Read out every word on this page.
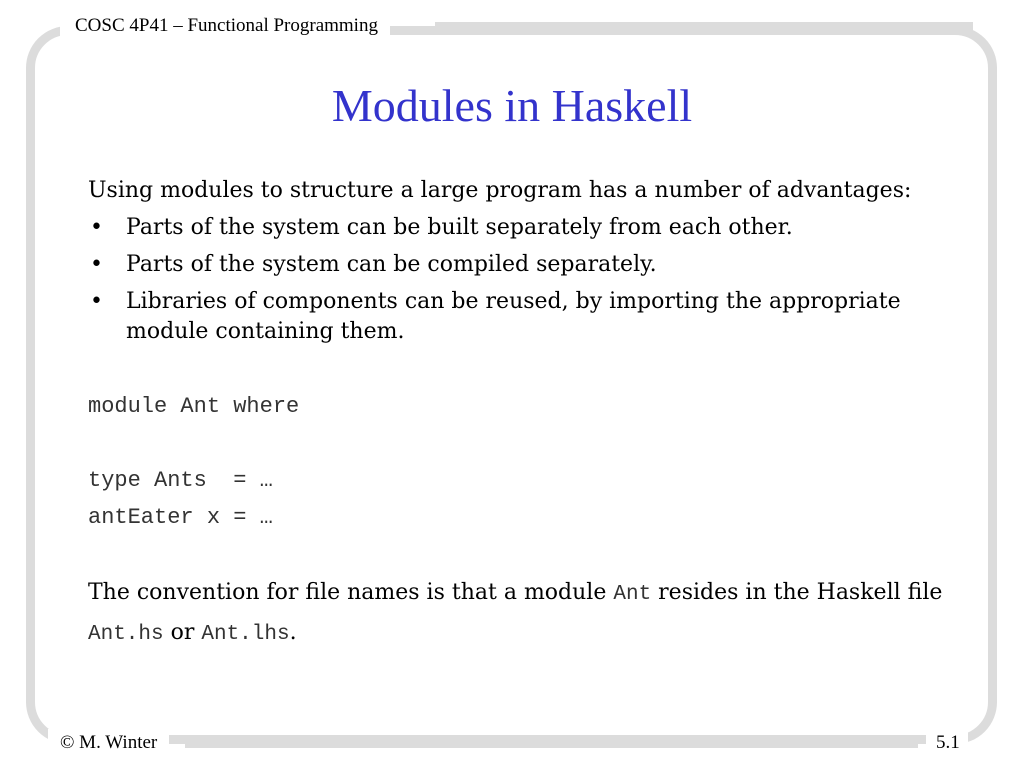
COSC 4P41 – Functional Programming
Modules in Haskell

Using modules to structure a large program has a number of advantages:

• Parts of the system can be built separately from each other.
• Parts of the system can be compiled separately.
• Libraries of components can be reused, by importing the appropriate module containing them.
module Ant where
type Ants  = …
antEater x = …

The convention for file names is that a module Ant resides in the Haskell file Ant.hs or Ant.lhs.

© M. Winter	5.1
